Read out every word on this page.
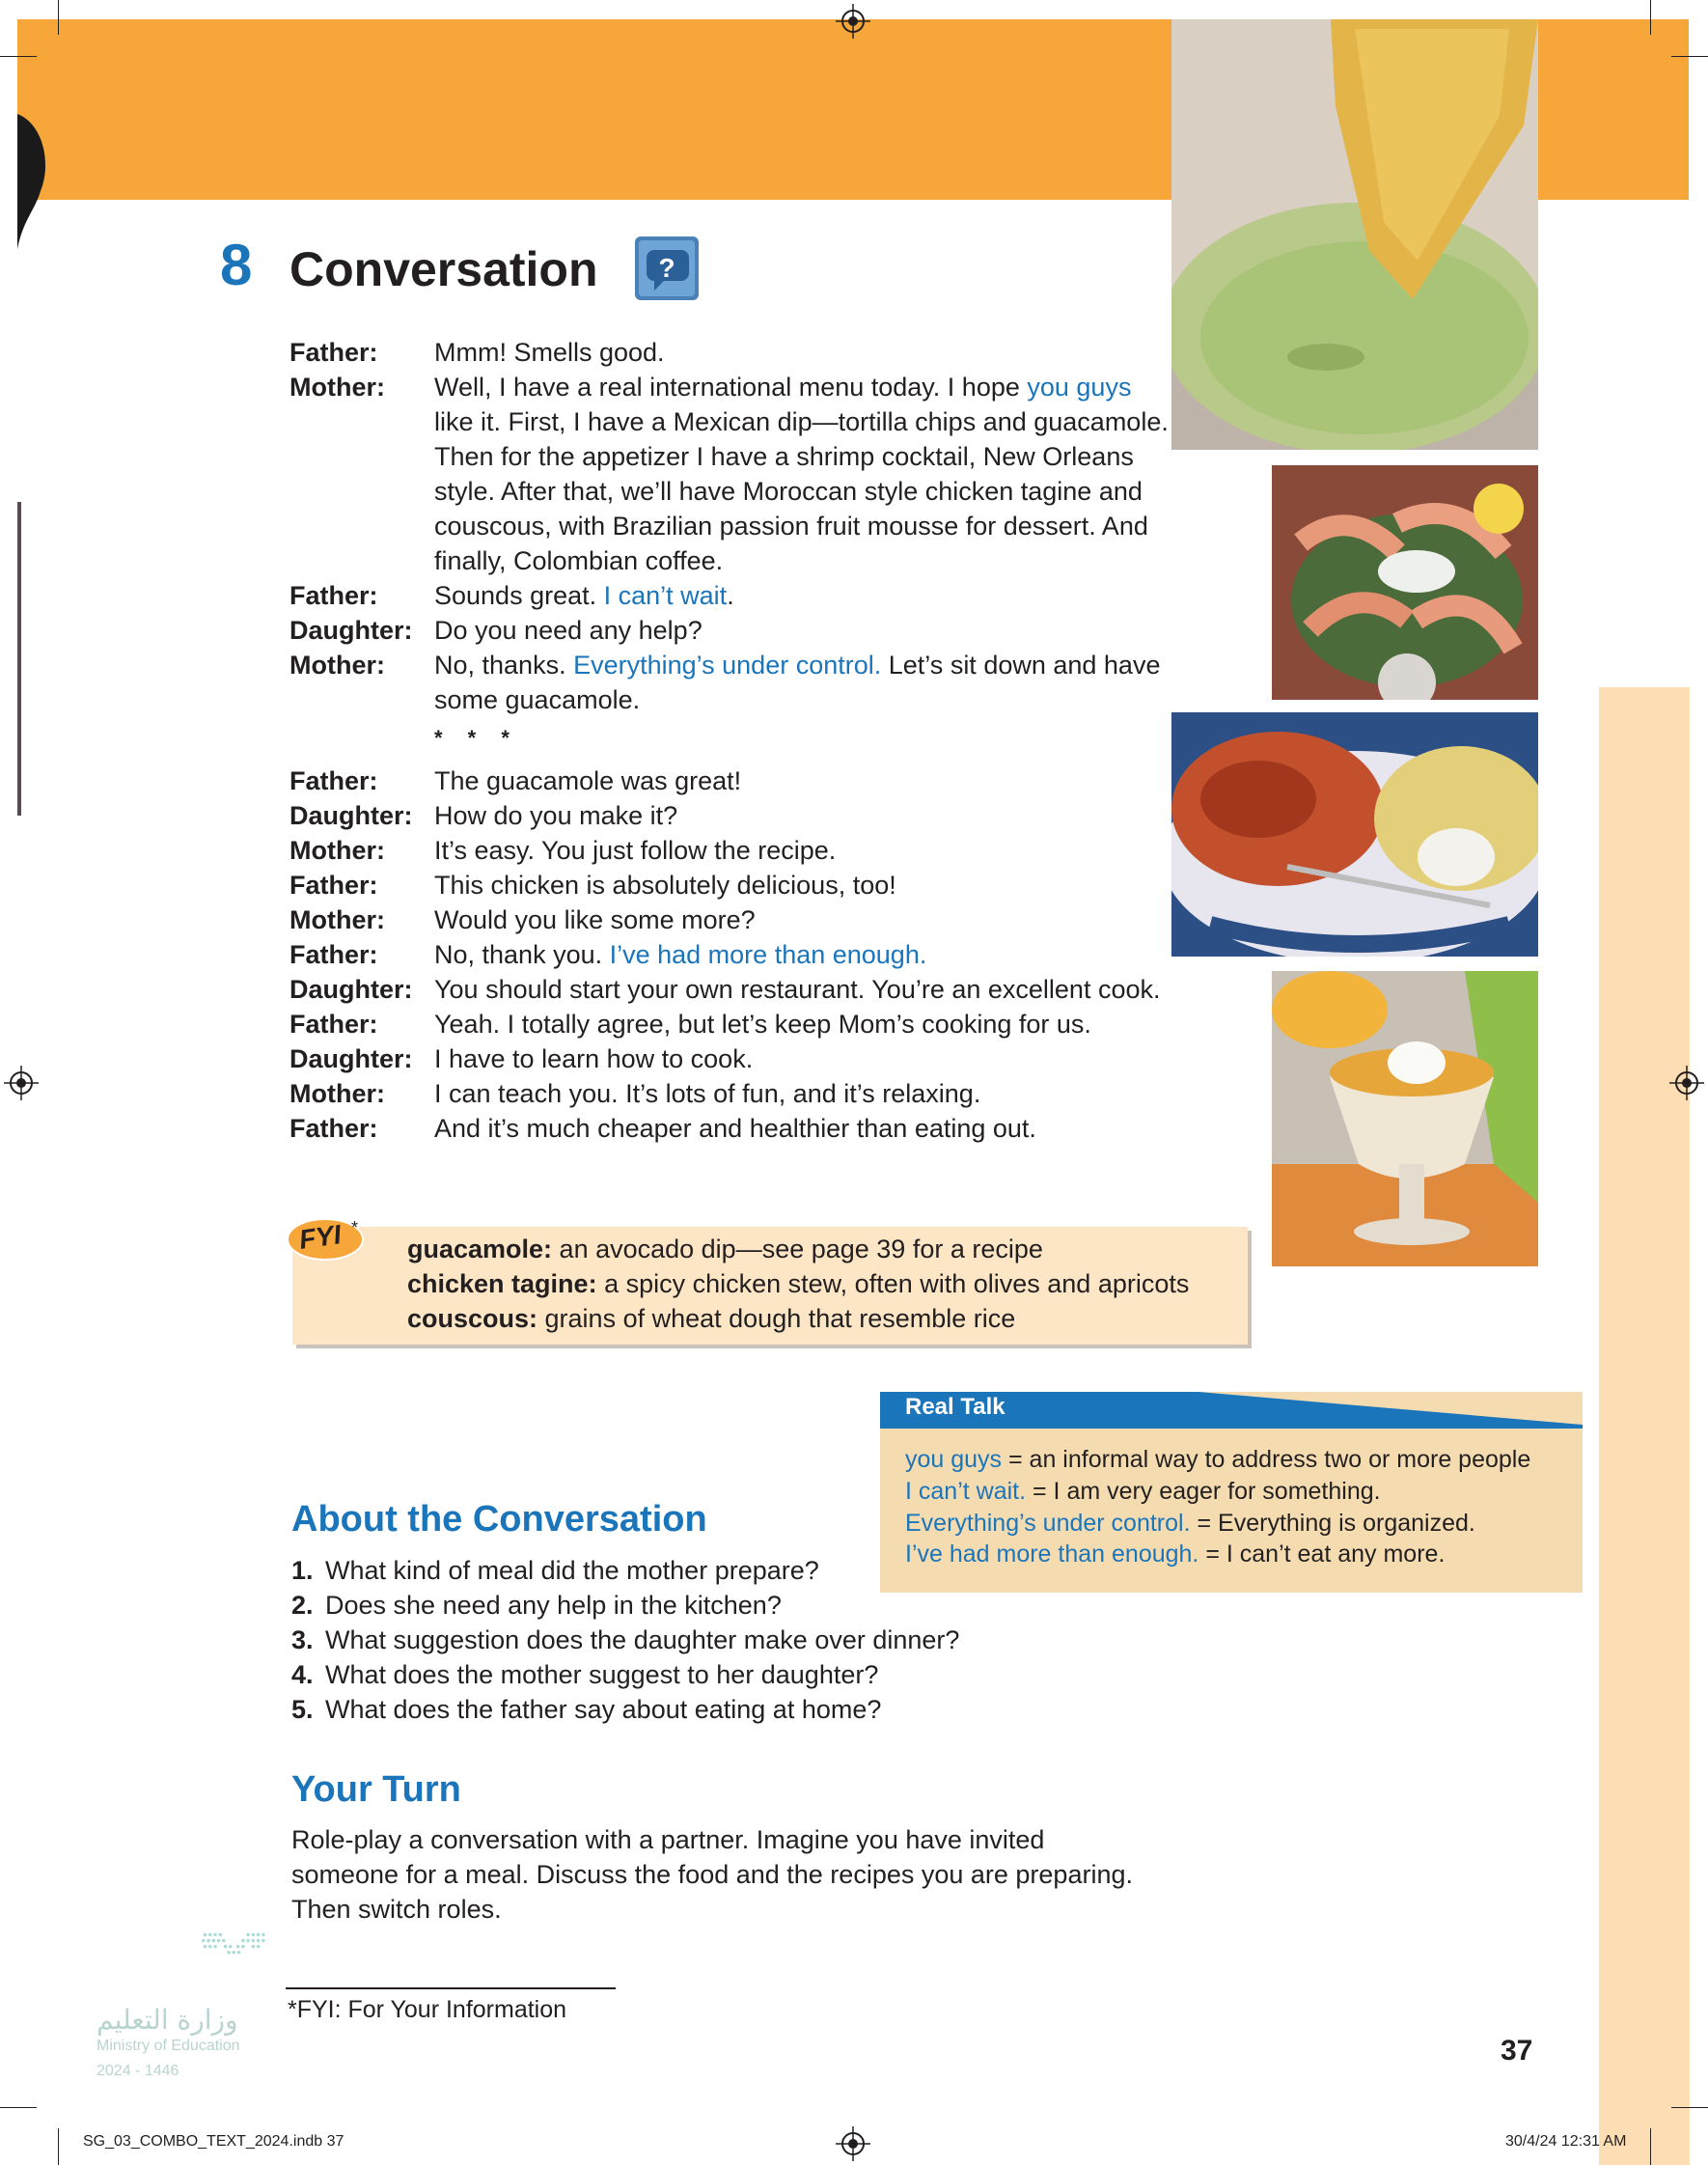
8 Conversation ?
Father:	Mmm! Smells good.
Mother:	Well, I have a real international menu today. I hope you guys like it. First, I have a Mexican dip—tortilla chips and guacamole. Then for the appetizer I have a shrimp cocktail, New Orleans style. After that, we’ll have Moroccan style chicken tagine and couscous, with Brazilian passion fruit mousse for dessert. And finally, Colombian coffee.
Father:	Sounds great. I can’t wait.
Daughter: Do you need any help?
Mother:	No, thanks. Everything’s under control. Let’s sit down and have some guacamole.
* * *
Father:	The guacamole was great!
Daughter: How do you make it?
Mother:	It’s easy. You just follow the recipe.
Father:	This chicken is absolutely delicious, too!
Mother:	Would you like some more?
Father:	No, thank you. I’ve had more than enough.
Daughter: You should start your own restaurant. You’re an excellent cook.
Father:	Yeah. I totally agree, but let’s keep Mom’s cooking for us.
Daughter: I have to learn how to cook.
Mother:	I can teach you. It’s lots of fun, and it’s relaxing.
Father:	And it’s much cheaper and healthier than eating out.
FYI *
guacamole: an avocado dip—see page 39 for a recipe
chicken tagine: a spicy chicken stew, often with olives and apricots
couscous: grains of wheat dough that resemble rice
Real Talk
you guys = an informal way to address two or more people
I can’t wait. = I am very eager for something.
Everything’s under control. = Everything is organized.
I’ve had more than enough. = I can’t eat any more.
About the Conversation
1. What kind of meal did the mother prepare?
2. Does she need any help in the kitchen?
3. What suggestion does the daughter make over dinner?
4. What does the mother suggest to her daughter?
5. What does the father say about eating at home?
Your Turn
Role-play a conversation with a partner. Imagine you have invited someone for a meal. Discuss the food and the recipes you are preparing. Then switch roles.
*FYI: For Your Information
وزارة التعليم
Ministry of Education
2024 - 1446
37
SG_03_COMBO_TEXT_2024.indb 37	30/4/24 12:31 AM
